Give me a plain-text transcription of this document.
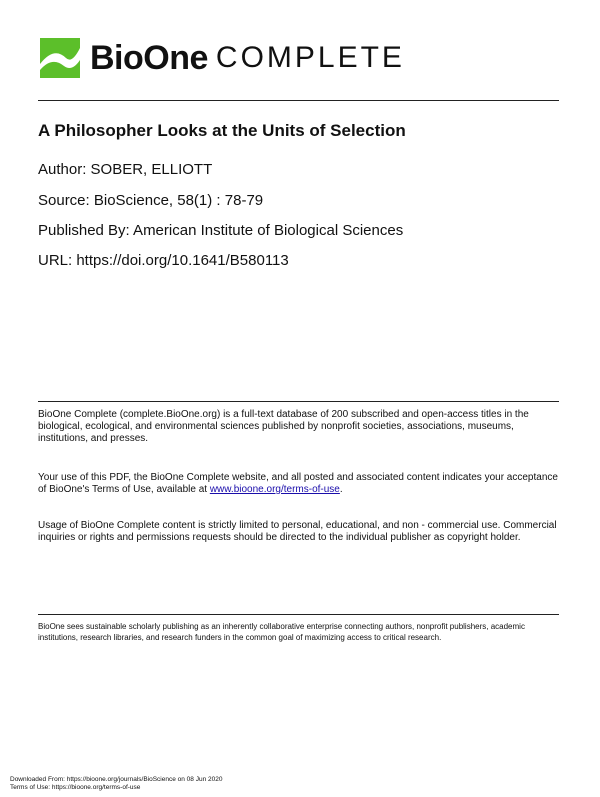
BioOne COMPLETE
A Philosopher Looks at the Units of Selection
Author: SOBER, ELLIOTT
Source: BioScience, 58(1) : 78-79
Published By: American Institute of Biological Sciences
URL: https://doi.org/10.1641/B580113
BioOne Complete (complete.BioOne.org) is a full-text database of 200 subscribed and open-access titles in the biological, ecological, and environmental sciences published by nonprofit societies, associations, museums, institutions, and presses.
Your use of this PDF, the BioOne Complete website, and all posted and associated content indicates your acceptance of BioOne's Terms of Use, available at www.bioone.org/terms-of-use.
Usage of BioOne Complete content is strictly limited to personal, educational, and non - commercial use. Commercial inquiries or rights and permissions requests should be directed to the individual publisher as copyright holder.
BioOne sees sustainable scholarly publishing as an inherently collaborative enterprise connecting authors, nonprofit publishers, academic institutions, research libraries, and research funders in the common goal of maximizing access to critical research.
Downloaded From: https://bioone.org/journals/BioScience on 08 Jun 2020
Terms of Use: https://bioone.org/terms-of-use
